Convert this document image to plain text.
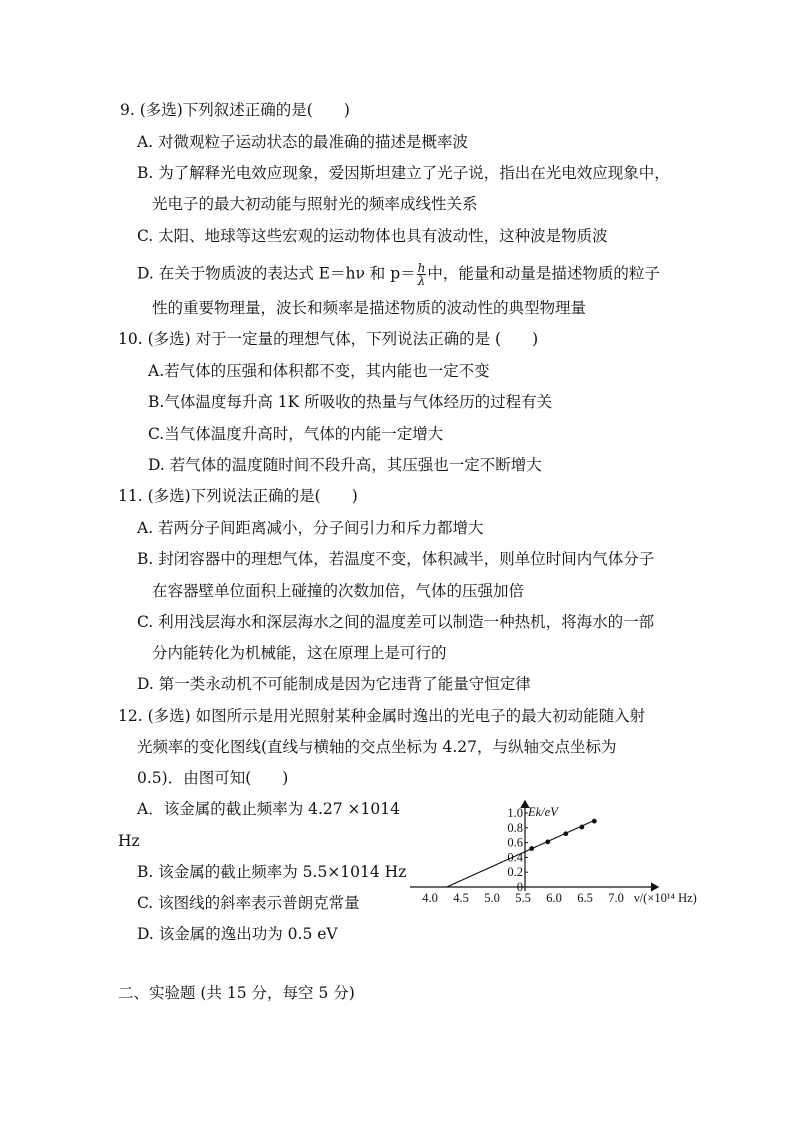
9. (多选)下列叙述正确的是(　　)
A. 对微观粒子运动状态的最准确的描述是概率波
B. 为了解释光电效应现象，爱因斯坦建立了光子说，指出在光电效应现象中，
光电子的最大初动能与照射光的频率成线性关系
C. 太阳、地球等这些宏观的运动物体也具有波动性，这种波是物质波
D. 在关于物质波的表达式 E＝hν 和 $p= \frac{h}{\lambda}$ 中，能量和动量是描述物质的粒子
性的重要物理量，波长和频率是描述物质的波动性的典型物理量
10. (多选) 对于一定量的理想气体，下列说法正确的是 (　　)
A.若气体的压强和体积都不变，其内能也一定不变
B.气体温度每升高 1K 所吸收的热量与气体经历的过程有关
C.当气体温度升高时，气体的内能一定增大
D. 若气体的温度随时间不段升高，其压强也一定不断增大
11. (多选)下列说法正确的是(　　)
A. 若两分子间距离减小，分子间引力和斥力都增大
B. 封闭容器中的理想气体，若温度不变，体积减半，则单位时间内气体分子
在容器壁单位面积上碰撞的次数加倍，气体的压强加倍
C. 利用浅层海水和深层海水之间的温度差可以制造一种热机，将海水的一部
分内能转化为机械能，这在原理上是可行的
D. 第一类永动机不可能制成是因为它违背了能量守恒定律
12. (多选) 如图所示是用光照射某种金属时逸出的光电子的最大初动能随入射
光频率的变化图线(直线与横轴的交点坐标为 4.27，与纵轴交点坐标为
0.5)．由图可知(　　)
A．该金属的截止频率为 4.27 ×1014
Hz
B. 该金属的截止频率为 5.5×1014 Hz
C. 该图线的斜率表示普朗克常量
D. 该金属的逸出功为 0.5 eV
4.0 4.5 5.0 5.5 6.0 6.5 7.0
0
0.2
0.4
0.6
0.8
1.0 Ek/eV
ν/(×10¹⁴ Hz)
二、实验题 (共 15 分，每空 5 分)
